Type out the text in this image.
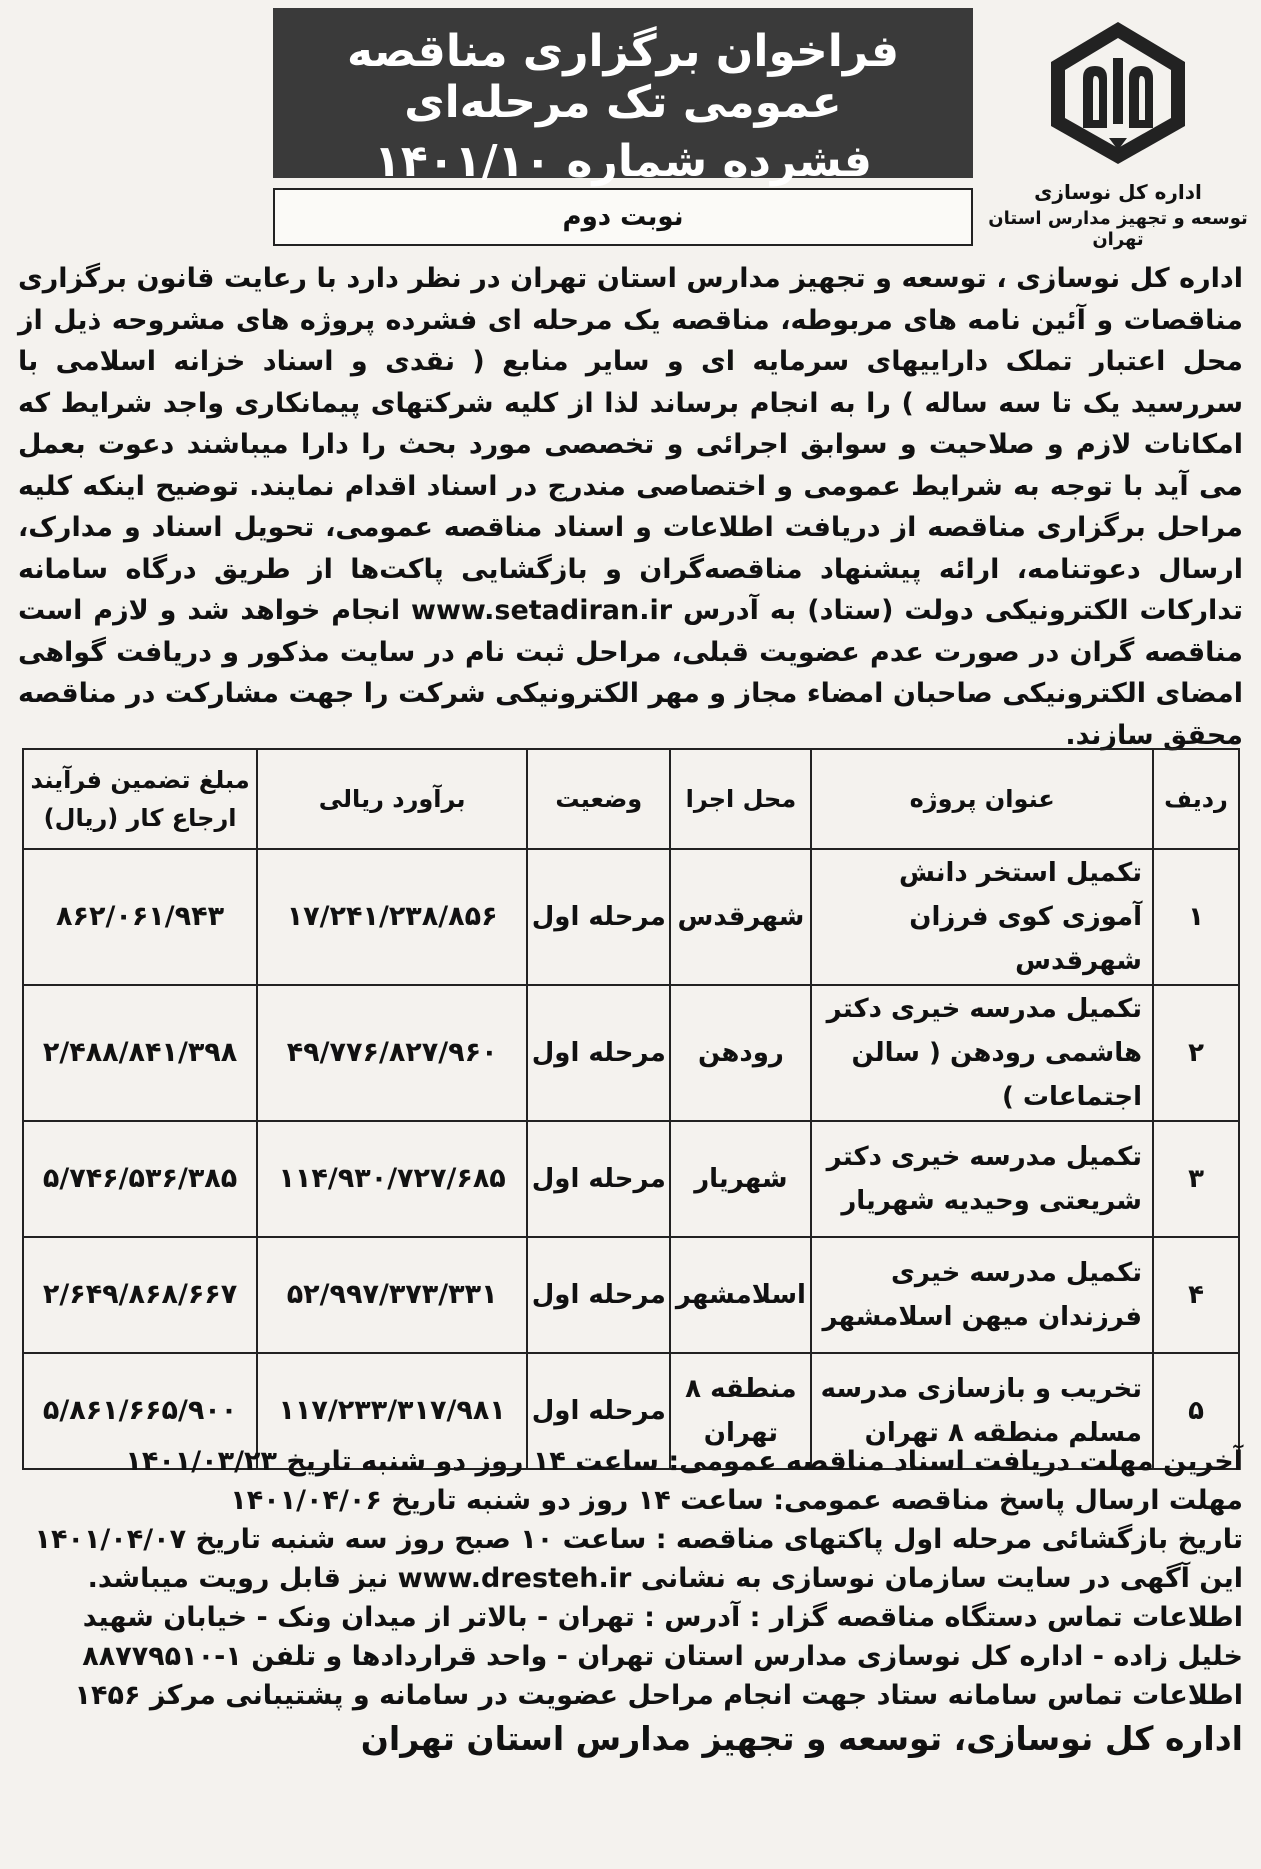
اداره کل نوسازی
توسعه و تجهیز مدارس استان تهران
فراخوان برگزاری مناقصه عمومی تک مرحله‌ای
فشرده شماره ۱۴۰۱/۱۰
نوبت دوم
اداره کل نوسازی ، توسعه و تجهیز مدارس استان تهران در نظر دارد با رعایت قانون برگزاری مناقصات و آئین نامه های مربوطه، مناقصه یک مرحله ای فشرده پروژه های مشروحه ذیل از محل اعتبار تملک داراییهای سرمایه ای و سایر منابع ( نقدی و اسناد خزانه اسلامی با سررسید یک تا سه ساله ) را به انجام برساند لذا از کلیه شرکتهای پیمانکاری واجد شرایط که امکانات لازم و صلاحیت و سوابق اجرائی و تخصصی مورد بحث را دارا میباشند دعوت بعمل می آید با توجه به شرایط عمومی و اختصاصی مندرج در اسناد اقدام نمایند. توضیح اینکه کلیه مراحل برگزاری مناقصه از دریافت اطلاعات و اسناد مناقصه عمومی، تحویل اسناد و مدارک، ارسال دعوتنامه، ارائه پیشنهاد مناقصه‌گران و بازگشایی پاکت‌ها از طریق درگاه سامانه تدارکات الکترونیکی دولت (ستاد) به آدرس www.setadiran.ir انجام خواهد شد و لازم است مناقصه گران در صورت عدم عضویت قبلی، مراحل ثبت نام در سایت مذکور و دریافت گواهی امضای الکترونیکی صاحبان امضاء مجاز و مهر الکترونیکی شرکت را جهت مشارکت در مناقصه محقق سازند.
ردیف	عنوان پروژه	محل اجرا	وضعیت	برآورد ریالی	مبلغ تضمین فرآیند ارجاع کار (ریال)
۱	تکمیل استخر دانش آموزی کوی فرزان شهرقدس	شهرقدس	مرحله اول	۱۷/۲۴۱/۲۳۸/۸۵۶	۸۶۲/۰۶۱/۹۴۳
۲	تکمیل مدرسه خیری دکتر هاشمی رودهن ( سالن اجتماعات )	رودهن	مرحله اول	۴۹/۷۷۶/۸۲۷/۹۶۰	۲/۴۸۸/۸۴۱/۳۹۸
۳	تکمیل مدرسه خیری دکتر شریعتی وحیدیه شهریار	شهریار	مرحله اول	۱۱۴/۹۳۰/۷۲۷/۶۸۵	۵/۷۴۶/۵۳۶/۳۸۵
۴	تکمیل مدرسه خیری فرزندان میهن اسلامشهر	اسلامشهر	مرحله اول	۵۲/۹۹۷/۳۷۳/۳۳۱	۲/۶۴۹/۸۶۸/۶۶۷
۵	تخریب و بازسازی مدرسه مسلم منطقه ۸ تهران	منطقه ۸ تهران	مرحله اول	۱۱۷/۲۳۳/۳۱۷/۹۸۱	۵/۸۶۱/۶۶۵/۹۰۰

آخرین مهلت دریافت اسناد مناقصه عمومی: ساعت ۱۴ روز دو شنبه تاریخ ۱۴۰۱/۰۳/۲۳

مهلت ارسال پاسخ مناقصه عمومی: ساعت ۱۴ روز دو شنبه تاریخ ۱۴۰۱/۰۴/۰۶

تاریخ بازگشائی مرحله اول پاکتهای مناقصه : ساعت ۱۰ صبح روز سه شنبه تاریخ ۱۴۰۱/۰۴/۰۷

این آگهی در سایت سازمان نوسازی به نشانی www.dresteh.ir نیز قابل رویت میباشد.

اطلاعات تماس دستگاه مناقصه گزار : آدرس : تهران - بالاتر از میدان ونک - خیابان شهید خلیل زاده - اداره کل نوسازی مدارس استان تهران - واحد قراردادها و تلفن ۱-۸۸۷۷۹۵۱۰

اطلاعات تماس سامانه ستاد جهت انجام مراحل عضویت در سامانه و پشتیبانی مرکز ۱۴۵۶

اداره کل نوسازی، توسعه و تجهیز مدارس استان تهران
